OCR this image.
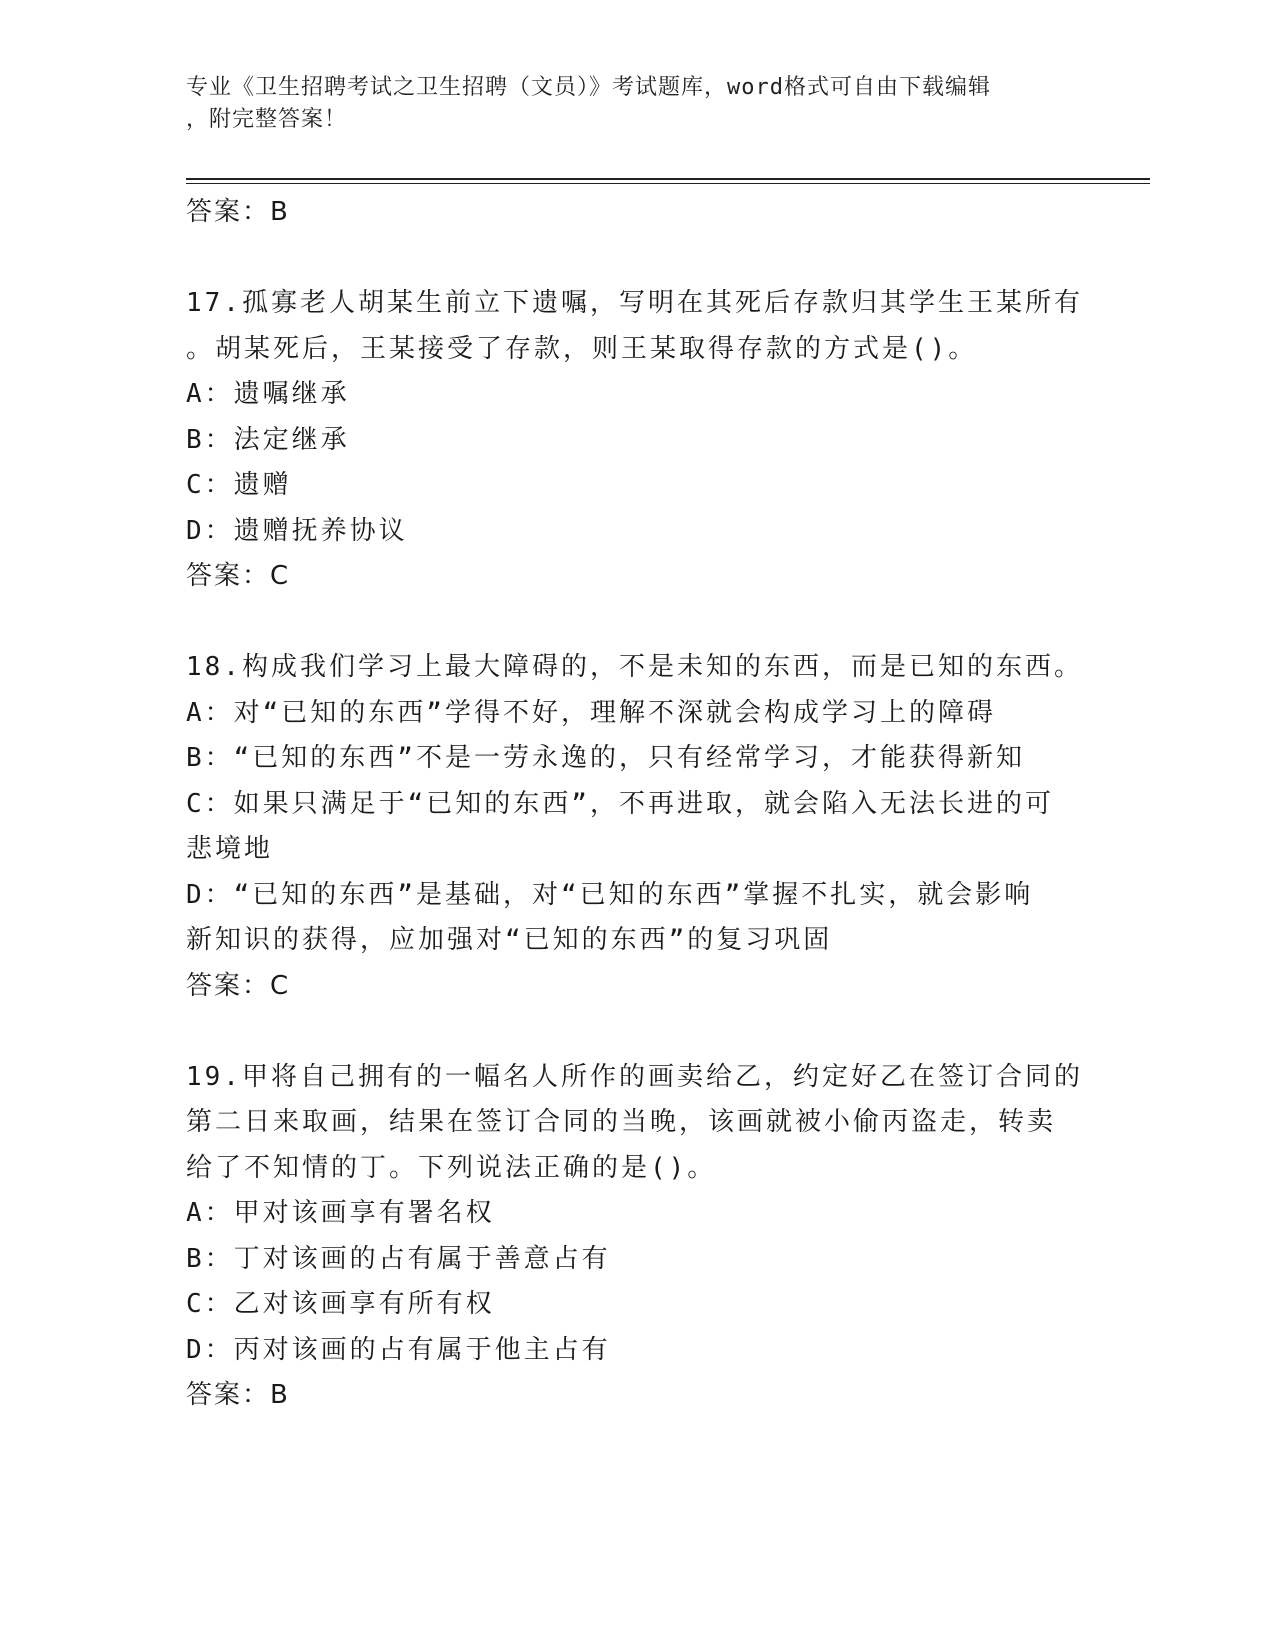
专业《卫生招聘考试之卫生招聘（文员）》考试题库，word格式可自由下载编辑
，附完整答案！

答案：B

17.孤寡老人胡某生前立下遗嘱，写明在其死后存款归其学生王某所有

。胡某死后，王某接受了存款，则王某取得存款的方式是()。

A：遗嘱继承

B：法定继承

C：遗赠

D：遗赠抚养协议

答案：C

18.构成我们学习上最大障碍的，不是未知的东西，而是已知的东西。

A：对“已知的东西”学得不好，理解不深就会构成学习上的障碍

B：“已知的东西”不是一劳永逸的，只有经常学习，才能获得新知

C：如果只满足于“已知的东西”，不再进取，就会陷入无法长进的可

悲境地

D：“已知的东西”是基础，对“已知的东西”掌握不扎实，就会影响

新知识的获得，应加强对“已知的东西”的复习巩固

答案：C

19.甲将自己拥有的一幅名人所作的画卖给乙，约定好乙在签订合同的

第二日来取画，结果在签订合同的当晚，该画就被小偷丙盗走，转卖

给了不知情的丁。下列说法正确的是()。

A：甲对该画享有署名权

B：丁对该画的占有属于善意占有

C：乙对该画享有所有权

D：丙对该画的占有属于他主占有

答案：B
